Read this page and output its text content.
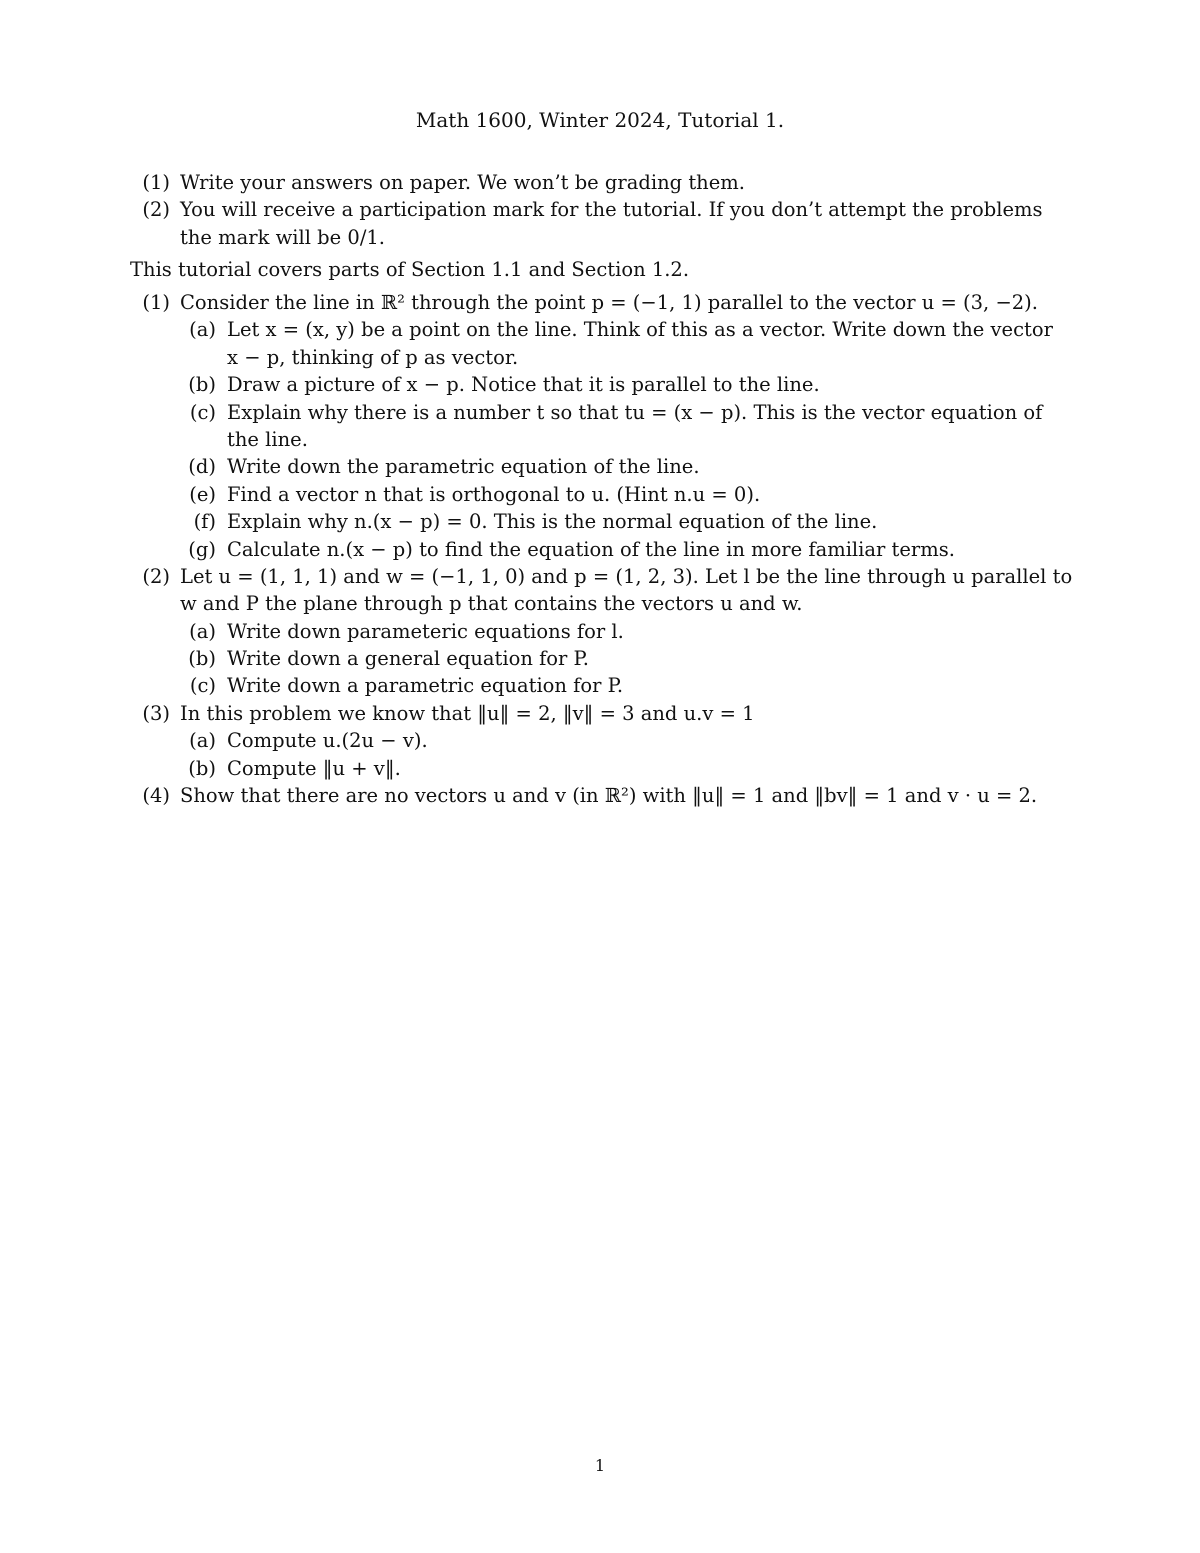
Math 1600, Winter 2024, Tutorial 1.
(1) Write your answers on paper. We won’t be grading them.
(2) You will receive a participation mark for the tutorial. If you don’t attempt the problems
the mark will be 0/1.
This tutorial covers parts of Section 1.1 and Section 1.2.
(1) Consider the line in ℝ² through the point p = (−1, 1) parallel to the vector u = (3, −2).
(a) Let x = (x, y) be a point on the line. Think of this as a vector. Write down the vector
x − p, thinking of p as vector.
(b) Draw a picture of x − p. Notice that it is parallel to the line.
(c) Explain why there is a number t so that tu = (x − p). This is the vector equation of
the line.
(d) Write down the parametric equation of the line.
(e) Find a vector n that is orthogonal to u. (Hint n.u = 0).
(f) Explain why n.(x − p) = 0. This is the normal equation of the line.
(g) Calculate n.(x − p) to find the equation of the line in more familiar terms.
(2) Let u = (1, 1, 1) and w = (−1, 1, 0) and p = (1, 2, 3). Let l be the line through u parallel to
w and P the plane through p that contains the vectors u and w.
(a) Write down parameteric equations for l.
(b) Write down a general equation for P.
(c) Write down a parametric equation for P.
(3) In this problem we know that ‖u‖ = 2, ‖v‖ = 3 and u.v = 1
(a) Compute u.(2u − v).
(b) Compute ‖u + v‖.
(4) Show that there are no vectors u and v (in ℝ²) with ‖u‖ = 1 and ‖bv‖ = 1 and v · u = 2.
1
